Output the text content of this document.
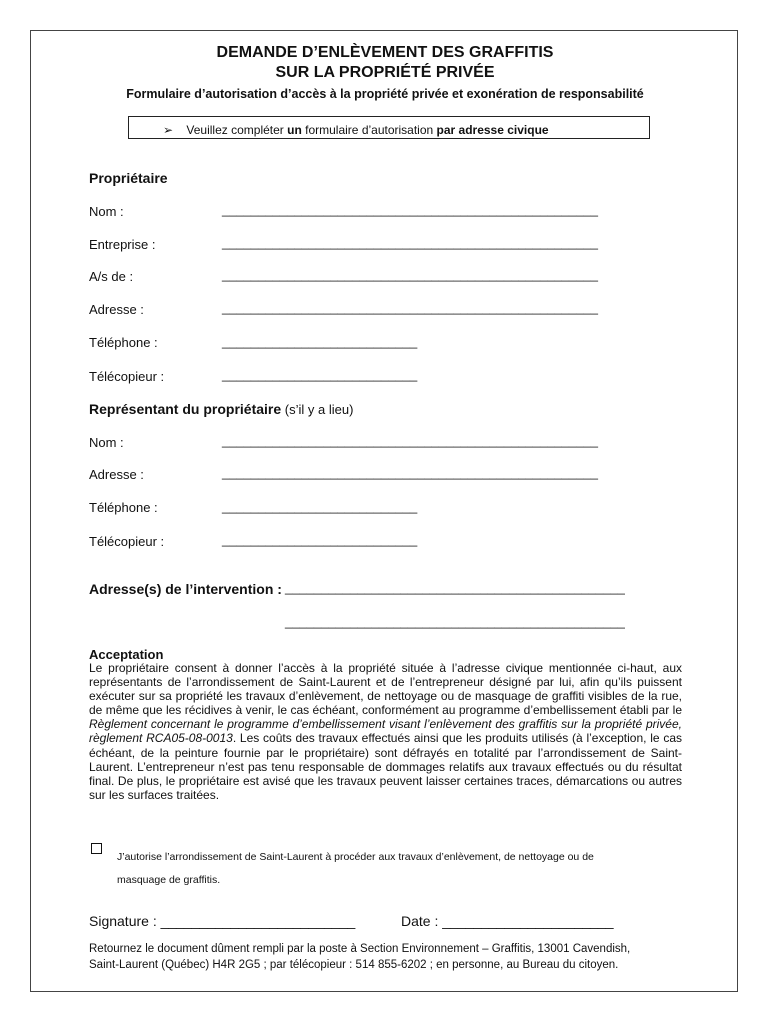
DEMANDE D’ENLÈVEMENT DES GRAFFITIS
SUR LA PROPRIÉTÉ PRIVÉE
Formulaire d’autorisation d’accès à la propriété privée et exonération de responsabilité
➢ Veuillez compléter un formulaire d’autorisation par adresse civique
Propriétaire
Nom :	____________________________________________________
Entreprise :	____________________________________________________
A/s de :	____________________________________________________
Adresse :	____________________________________________________
Téléphone :	___________________________
Télécopieur :	___________________________
Représentant du propriétaire (s’il y a lieu)
Nom :	____________________________________________________
Adresse :	____________________________________________________
Téléphone :	___________________________
Télécopieur :	___________________________
Adresse(s) de l’intervention : _______________________________________________
_______________________________________________
Acceptation
Le propriétaire consent à donner l’accès à la propriété située à l’adresse civique mentionnée ci-haut, aux représentants de l’arrondissement de Saint-Laurent et de l’entrepreneur désigné par lui, afin qu’ils puissent exécuter sur sa propriété les travaux d’enlèvement, de nettoyage ou de masquage de graffiti visibles de la rue, de même que les récidives à venir, le cas échéant, conformément au programme d’embellissement établi par le Règlement concernant le programme d’embellissement visant l’enlèvement des graffitis sur la propriété privée, règlement RCA05-08-0013. Les coûts des travaux effectués ainsi que les produits utilisés (à l’exception, le cas échéant, de la peinture fournie par le propriétaire) sont défrayés en totalité par l’arrondissement de Saint-Laurent. L’entrepreneur n’est pas tenu responsable de dommages relatifs aux travaux effectués ou du résultat final. De plus, le propriétaire est avisé que les travaux peuvent laisser certaines traces, démarcations ou autres sur les surfaces traitées.
J’autorise l’arrondissement de Saint-Laurent à procéder aux travaux d’enlèvement, de nettoyage ou de
masquage de graffitis.
Signature : _________________________	Date : ______________________
Retournez le document dûment rempli par la poste à Section Environnement – Graffitis, 13001 Cavendish,
Saint-Laurent (Québec) H4R 2G5 ; par télécopieur : 514 855-6202 ; en personne, au Bureau du citoyen.
